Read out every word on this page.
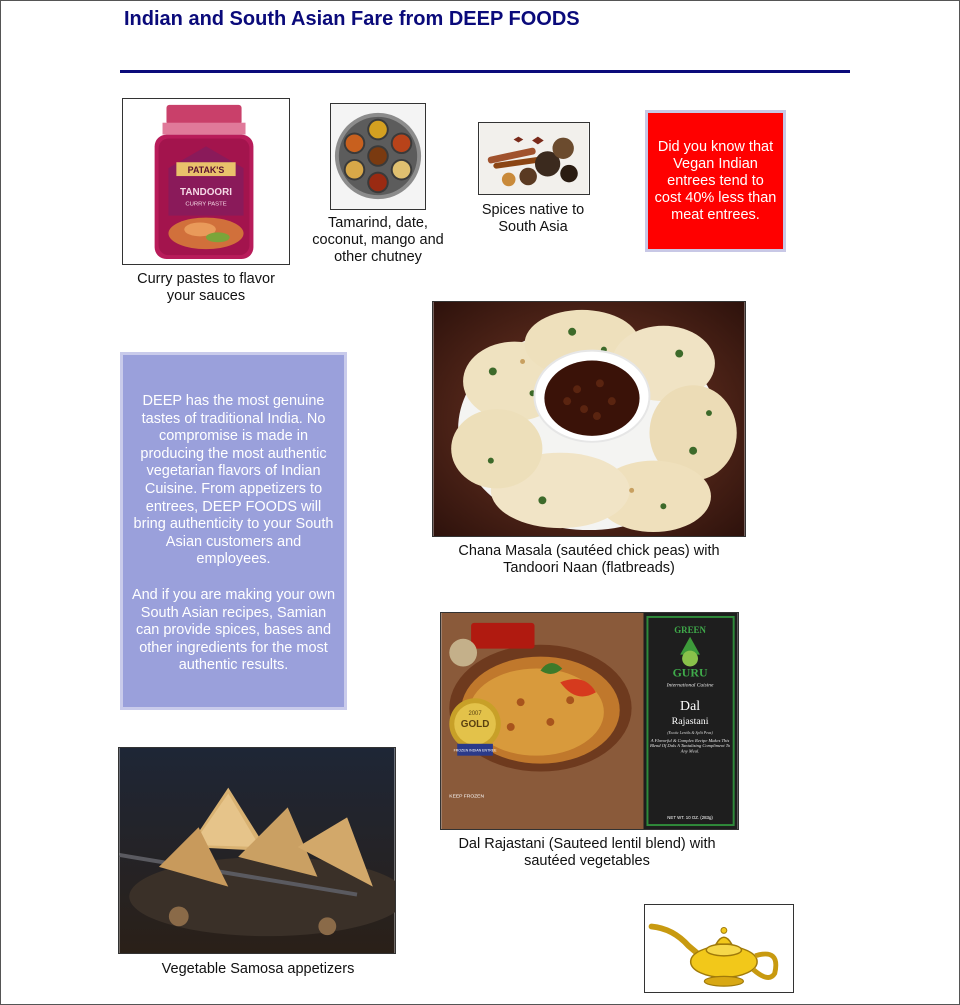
Indian and South Asian Fare from DEEP FOODS
PATAK'S
TANDOORI
CURRY PASTE
Curry pastes to flavor your sauces
Tamarind, date, coconut, mango and other chutney
Spices native to South Asia
Did you know that Vegan Indian entrees tend to cost 40% less than meat entrees.
Chana Masala (sautéed chick peas) with Tandoori Naan (flatbreads)

DEEP has the most genuine tastes of traditional India. No compromise is made in producing the most authentic vegetarian flavors of Indian Cuisine. From appetizers to entrees, DEEP FOODS will bring authenticity to your South Asian customers and employees.

And if you are making your own South Asian recipes, Samian can provide spices, bases and other ingredients for the most authentic results.

2007
GOLD
FROZEN INDIAN ENTREE
KEEP FROZEN
GREEN
GURU
International Cuisine
Dal
Rajastani
(Exotic Lentils & Split Peas)
A Flavorful & Complex Recipe Makes This Blend Of Dals A Tantalizing Compliment To Any Meal.
NET WT. 10 OZ. (283g)
Dal Rajastani (Sauteed lentil blend) with sautéed vegetables
Vegetable Samosa appetizers
